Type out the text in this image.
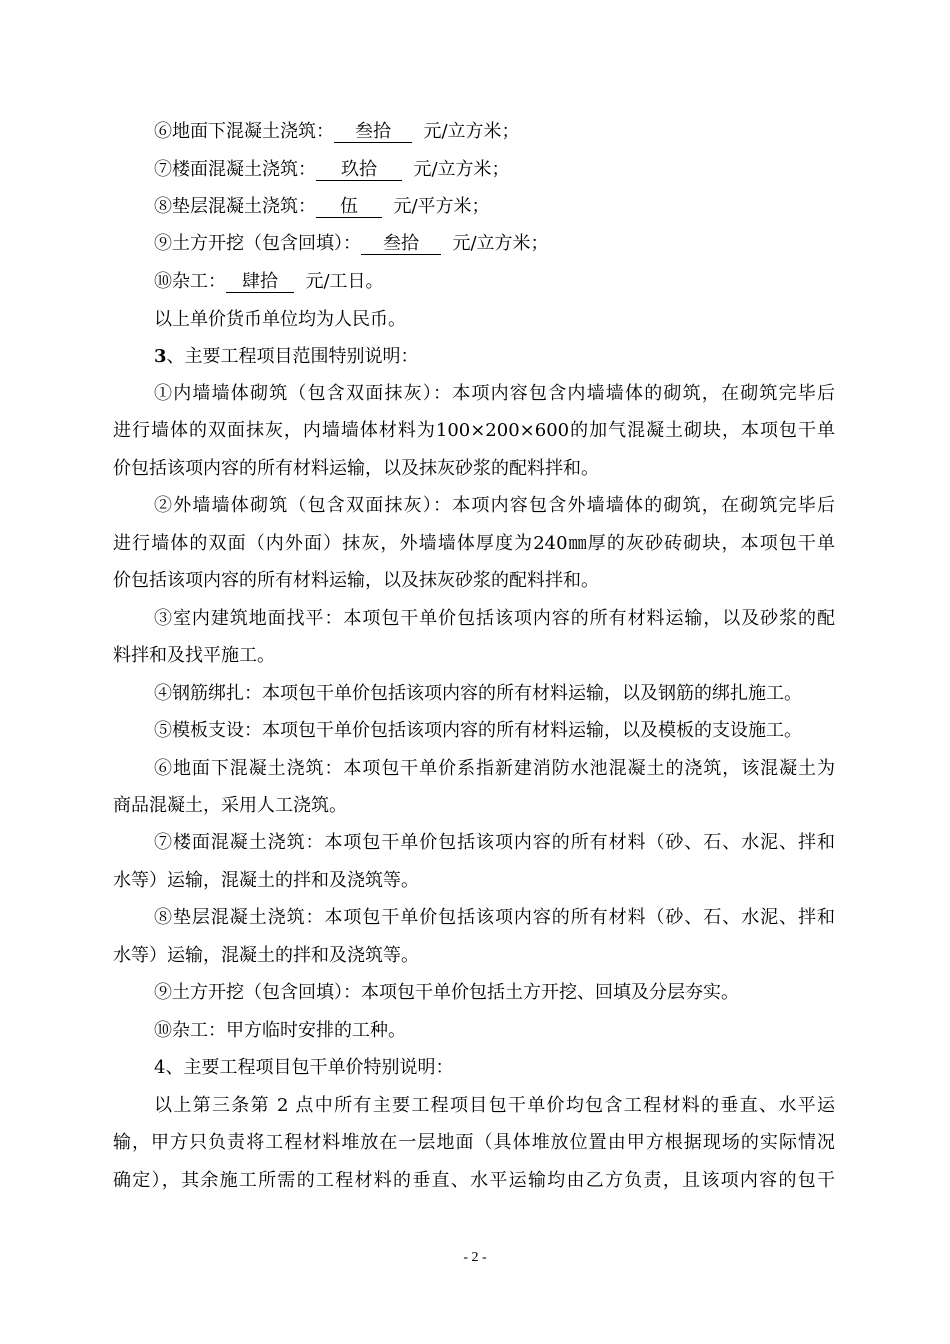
⑥地面下混凝土浇筑： 叁拾 元/立方米；
⑦楼面混凝土浇筑： 玖拾 元/立方米；
⑧垫层混凝土浇筑： 伍 元/平方米；
⑨土方开挖（包含回填）： 叁拾 元/立方米；
⑩杂工： 肆拾 元/工日。
以上单价货币单位均为人民币。
3、主要工程项目范围特别说明：
①内墙墙体砌筑（包含双面抹灰）：本项内容包含内墙墙体的砌筑，在砌筑完毕后
进行墙体的双面抹灰，内墙墙体材料为100×200×600的加气混凝土砌块，本项包干单
价包括该项内容的所有材料运输，以及抹灰砂浆的配料拌和。
②外墙墙体砌筑（包含双面抹灰）：本项内容包含外墙墙体的砌筑，在砌筑完毕后
进行墙体的双面（内外面）抹灰，外墙墙体厚度为240㎜厚的灰砂砖砌块，本项包干单
价包括该项内容的所有材料运输，以及抹灰砂浆的配料拌和。
③室内建筑地面找平：本项包干单价包括该项内容的所有材料运输，以及砂浆的配
料拌和及找平施工。
④钢筋绑扎：本项包干单价包括该项内容的所有材料运输，以及钢筋的绑扎施工。
⑤模板支设：本项包干单价包括该项内容的所有材料运输，以及模板的支设施工。
⑥地面下混凝土浇筑：本项包干单价系指新建消防水池混凝土的浇筑，该混凝土为
商品混凝土，采用人工浇筑。
⑦楼面混凝土浇筑：本项包干单价包括该项内容的所有材料（砂、石、水泥、拌和
水等）运输，混凝土的拌和及浇筑等。
⑧垫层混凝土浇筑：本项包干单价包括该项内容的所有材料（砂、石、水泥、拌和
水等）运输，混凝土的拌和及浇筑等。
⑨土方开挖（包含回填）：本项包干单价包括土方开挖、回填及分层夯实。
⑩杂工：甲方临时安排的工种。
4、主要工程项目包干单价特别说明：
以上第三条第 2 点中所有主要工程项目包干单价均包含工程材料的垂直、水平运
输，甲方只负责将工程材料堆放在一层地面（具体堆放位置由甲方根据现场的实际情况
确定），其余施工所需的工程材料的垂直、水平运输均由乙方负责，且该项内容的包干
- 2 -
